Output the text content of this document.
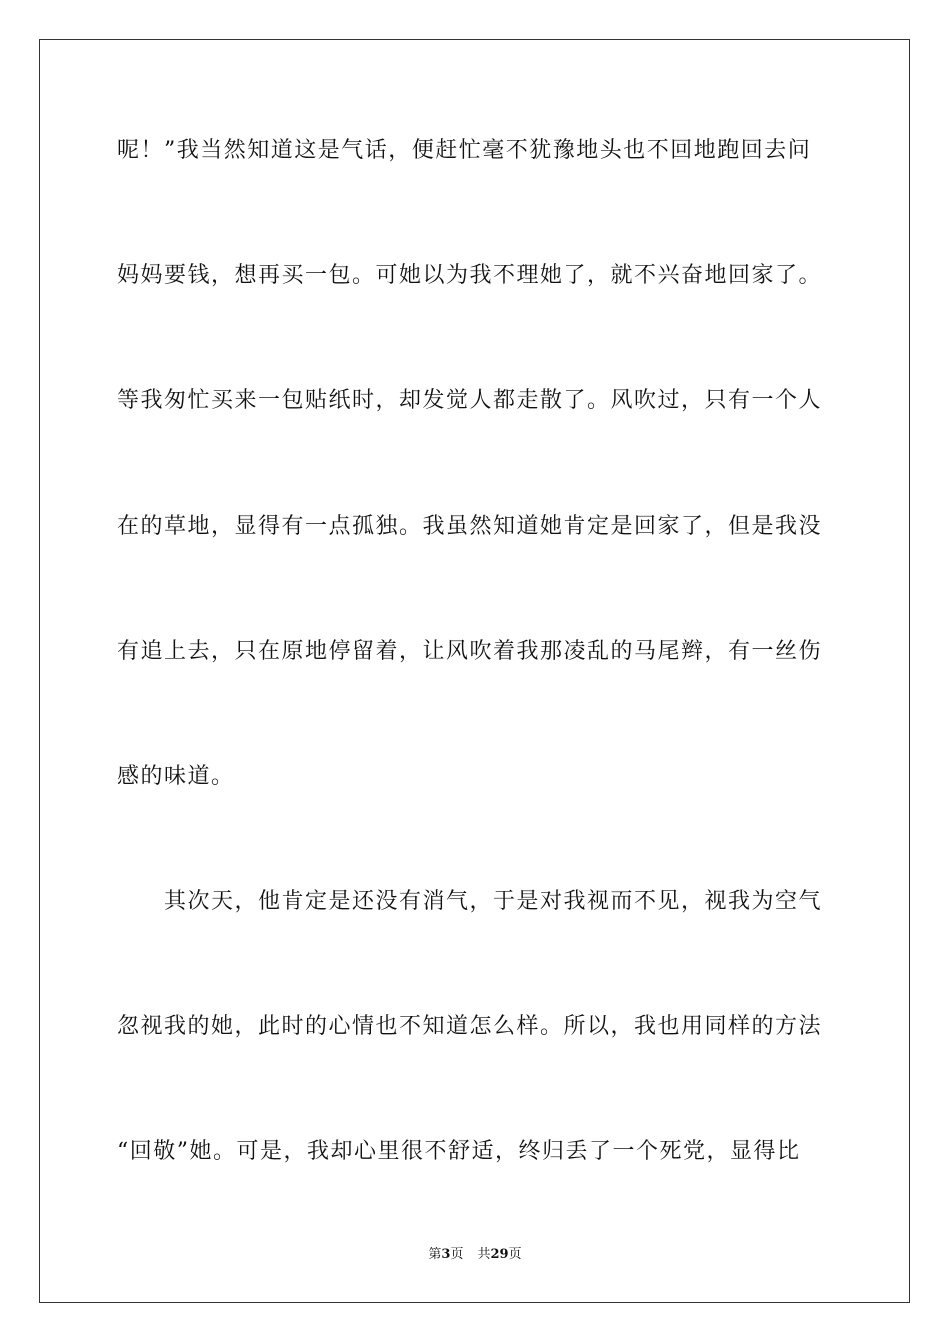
呢！”我当然知道这是气话，便赶忙毫不犹豫地头也不回地跑回去问
妈妈要钱，想再买一包。可她以为我不理她了，就不兴奋地回家了。
等我匆忙买来一包贴纸时，却发觉人都走散了。风吹过，只有一个人
在的草地，显得有一点孤独。我虽然知道她肯定是回家了，但是我没
有追上去，只在原地停留着，让风吹着我那凌乱的马尾辫，有一丝伤
感的味道。
　　其次天，他肯定是还没有消气，于是对我视而不见，视我为空气
忽视我的她，此时的心情也不知道怎么样。所以，我也用同样的方法
“回敬”她。可是，我却心里很不舒适，终归丢了一个死党，显得比
第3页 共29页
